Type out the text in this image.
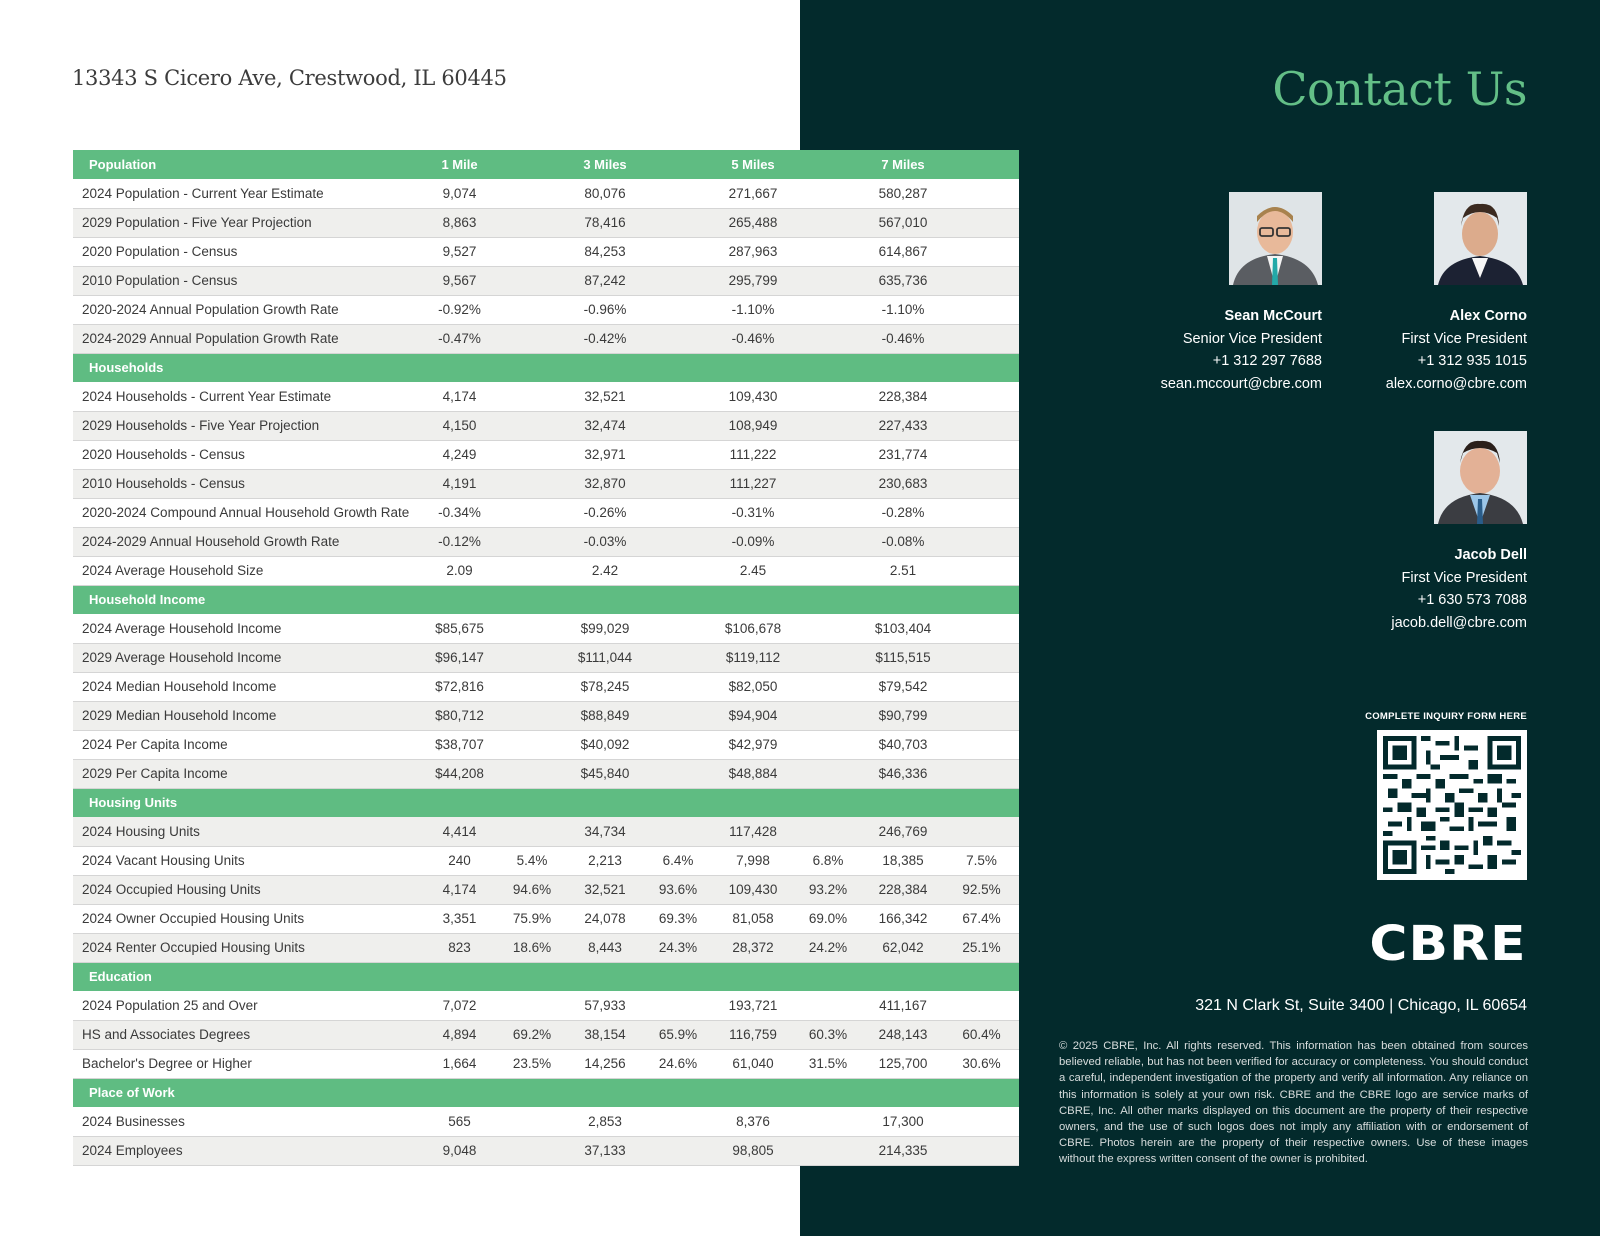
13343 S Cicero Ave, Crestwood, IL 60445
Population	1 Mile		3 Miles		5 Miles		7 Miles	
2024 Population - Current Year Estimate	9,074		80,076		271,667		580,287	
2029 Population - Five Year Projection	8,863		78,416		265,488		567,010	
2020 Population - Census	9,527		84,253		287,963		614,867	
2010 Population - Census	9,567		87,242		295,799		635,736	
2020-2024 Annual Population Growth Rate	-0.92%		-0.96%		-1.10%		-1.10%	
2024-2029 Annual Population Growth Rate	-0.47%		-0.42%		-0.46%		-0.46%	
Households								
2024 Households - Current Year Estimate	4,174		32,521		109,430		228,384	
2029 Households - Five Year Projection	4,150		32,474		108,949		227,433	
2020 Households - Census	4,249		32,971		111,222		231,774	
2010 Households - Census	4,191		32,870		111,227		230,683	
2020-2024 Compound Annual Household Growth Rate	-0.34%		-0.26%		-0.31%		-0.28%	
2024-2029 Annual Household Growth Rate	-0.12%		-0.03%		-0.09%		-0.08%	
2024 Average Household Size	2.09		2.42		2.45		2.51	
Household Income								
2024 Average Household Income	$85,675		$99,029		$106,678		$103,404	
2029 Average Household Income	$96,147		$111,044		$119,112		$115,515	
2024 Median Household Income	$72,816		$78,245		$82,050		$79,542	
2029 Median Household Income	$80,712		$88,849		$94,904		$90,799	
2024 Per Capita Income	$38,707		$40,092		$42,979		$40,703	
2029 Per Capita Income	$44,208		$45,840		$48,884		$46,336	
Housing Units								
2024 Housing Units	4,414		34,734		117,428		246,769	
2024 Vacant Housing Units	240	5.4%	2,213	6.4%	7,998	6.8%	18,385	7.5%
2024 Occupied Housing Units	4,174	94.6%	32,521	93.6%	109,430	93.2%	228,384	92.5%
2024 Owner Occupied Housing Units	3,351	75.9%	24,078	69.3%	81,058	69.0%	166,342	67.4%
2024 Renter Occupied Housing Units	823	18.6%	8,443	24.3%	28,372	24.2%	62,042	25.1%
Education								
2024 Population 25 and Over	7,072		57,933		193,721		411,167	
HS and Associates Degrees	4,894	69.2%	38,154	65.9%	116,759	60.3%	248,143	60.4%
Bachelor's Degree or Higher	1,664	23.5%	14,256	24.6%	61,040	31.5%	125,700	30.6%
Place of Work								
2024 Businesses	565		2,853		8,376		17,300	
2024 Employees	9,048		37,133		98,805		214,335	
Contact Us
Sean McCourt
Senior Vice President
+1 312 297 7688
sean.mccourt@cbre.com
Alex Corno
First Vice President
+1 312 935 1015
alex.corno@cbre.com
Jacob Dell
First Vice President
+1 630 573 7088
jacob.dell@cbre.com
COMPLETE INQUIRY FORM HERE
CBRE
321 N Clark St, Suite 3400 | Chicago, IL 60654
© 2025 CBRE, Inc. All rights reserved. This information has been obtained from sources believed reliable, but has not been verified for accuracy or completeness. You should conduct a careful, independent investigation of the property and verify all information. Any reliance on this information is solely at your own risk. CBRE and the CBRE logo are service marks of CBRE, Inc. All other marks displayed on this document are the property of their respective owners, and the use of such logos does not imply any affiliation with or endorsement of CBRE. Photos herein are the property of their respective owners. Use of these images without the express written consent of the owner is prohibited.
